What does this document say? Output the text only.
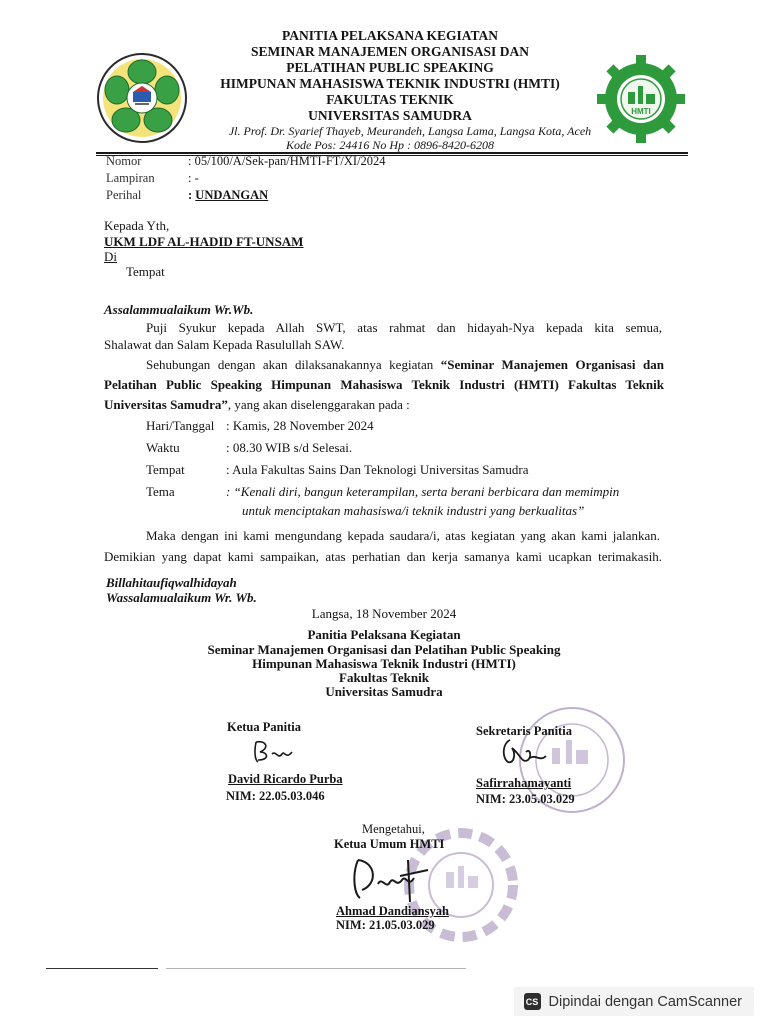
HMTI
PANITIA PELAKSANA KEGIATAN
SEMINAR MANAJEMEN ORGANISASI DAN
PELATIHAN PUBLIC SPEAKING
HIMPUNAN MAHASISWA TEKNIK INDUSTRI (HMTI)
FAKULTAS TEKNIK
UNIVERSITAS SAMUDRA
Jl. Prof. Dr. Syarief Thayeb, Meurandeh, Langsa Lama, Langsa Kota, Aceh
Kode Pos: 24416 No Hp : 0896-8420-6208
Nomor	: 05/100/A/Sek-pan/HMTI-FT/XI/2024
Lampiran	: -
Perihal	: UNDANGAN
Kepada Yth,
UKM LDF AL-HADID FT-UNSAM
Di
Tempat
Assalammualaikum Wr.Wb.
Puji Syukur kepada Allah SWT, atas rahmat dan hidayah-Nya kepada kita semua,
Shalawat dan Salam Kepada Rasulullah SAW.
Sehubungan dengan akan dilaksanakannya kegiatan “Seminar Manajemen Organisasi dan
Pelatihan Public Speaking Himpunan Mahasiswa Teknik Industri (HMTI) Fakultas Teknik
Universitas Samudra”, yang akan diselenggarakan pada :
Hari/Tanggal : Kamis, 28 November 2024
Waktu	: 08.30 WIB s/d Selesai.
Tempat	: Aula Fakultas Sains Dan Teknologi Universitas Samudra
Tema	: “Kenali diri, bangun keterampilan, serta berani berbicara dan memimpin
untuk menciptakan mahasiswa/i teknik industri yang berkualitas”
Maka dengan ini kami mengundang kepada saudara/i, atas kegiatan yang akan kami jalankan.
Demikian yang dapat kami sampaikan, atas perhatian dan kerja samanya kami ucapkan terimakasih.
Billahitaufiqwalhidayah
Wassalamualaikum Wr. Wb.
Langsa, 18 November 2024
Panitia Pelaksana Kegiatan
Seminar Manajemen Organisasi dan Pelatihan Public Speaking
Himpunan Mahasiswa Teknik Industri (HMTI)
Fakultas Teknik
Universitas Samudra
Ketua Panitia
David Ricardo Purba
NIM: 22.05.03.046
Sekretaris Panitia
Safirrahamayanti
NIM: 23.05.03.029
Mengetahui,
Ketua Umum HMTI
Ahmad Dandiansyah
NIM: 21.05.03.029
CS Dipindai dengan CamScanner
